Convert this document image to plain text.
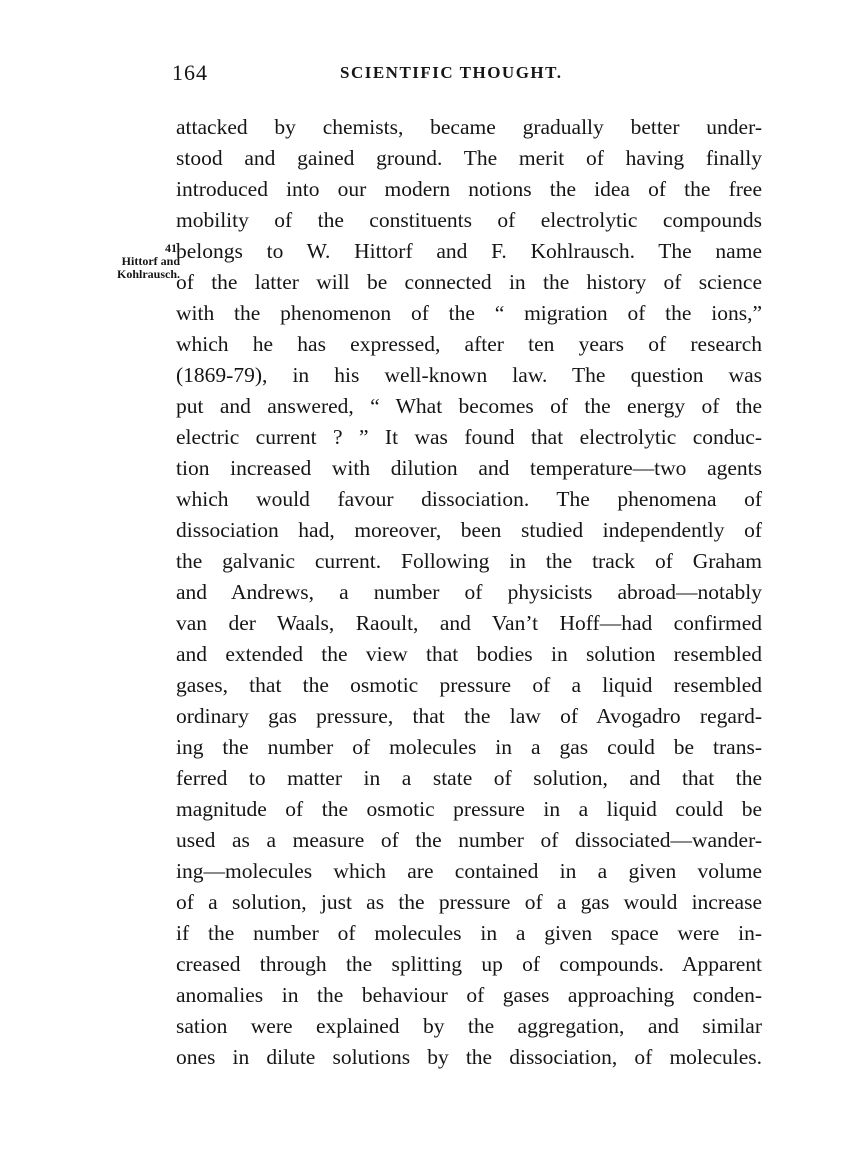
164	SCIENTIFIC THOUGHT.
41.
Hittorf and
Kohlrausch.
attacked by chemists, became gradually better under-
stood and gained ground. The merit of having finally
introduced into our modern notions the idea of the free
mobility of the constituents of electrolytic compounds
belongs to W. Hittorf and F. Kohlrausch. The name
of the latter will be connected in the history of science
with the phenomenon of the “ migration of the ions,”
which he has expressed, after ten years of research
(1869-79), in his well-known law. The question was
put and answered, “ What becomes of the energy of the
electric current ? ” It was found that electrolytic conduc-
tion increased with dilution and temperature—two agents
which would favour dissociation. The phenomena of
dissociation had, moreover, been studied independently of
the galvanic current. Following in the track of Graham
and Andrews, a number of physicists abroad—notably
van der Waals, Raoult, and Van’t Hoff—had confirmed
and extended the view that bodies in solution resembled
gases, that the osmotic pressure of a liquid resembled
ordinary gas pressure, that the law of Avogadro regard-
ing the number of molecules in a gas could be trans-
ferred to matter in a state of solution, and that the
magnitude of the osmotic pressure in a liquid could be
used as a measure of the number of dissociated—wander-
ing—molecules which are contained in a given volume
of a solution, just as the pressure of a gas would increase
if the number of molecules in a given space were in-
creased through the splitting up of compounds. Apparent
anomalies in the behaviour of gases approaching conden-
sation were explained by the aggregation, and similar
ones in dilute solutions by the dissociation, of molecules.
